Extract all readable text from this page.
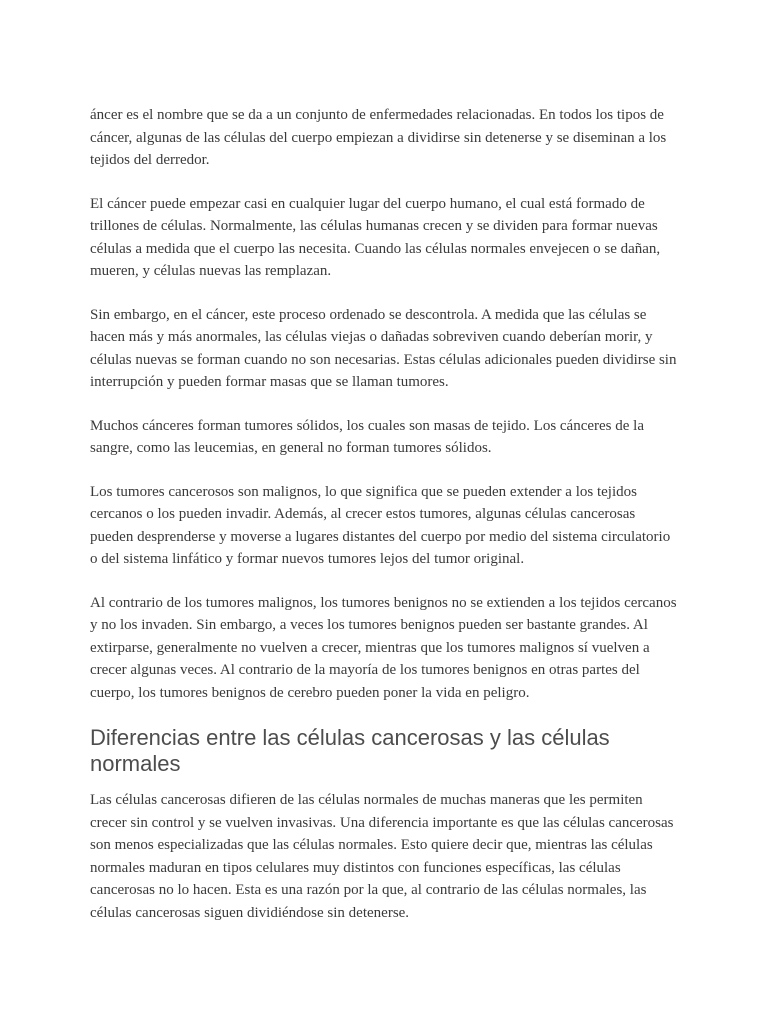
áncer es el nombre que se da a un conjunto de enfermedades relacionadas. En todos los tipos de cáncer, algunas de las células del cuerpo empiezan a dividirse sin detenerse y se diseminan a los tejidos del derredor.

El cáncer puede empezar casi en cualquier lugar del cuerpo humano, el cual está formado de trillones de células. Normalmente, las células humanas crecen y se dividen para formar nuevas células a medida que el cuerpo las necesita. Cuando las células normales envejecen o se dañan, mueren, y células nuevas las remplazan.

Sin embargo, en el cáncer, este proceso ordenado se descontrola. A medida que las células se hacen más y más anormales, las células viejas o dañadas sobreviven cuando deberían morir, y células nuevas se forman cuando no son necesarias. Estas células adicionales pueden dividirse sin interrupción y pueden formar masas que se llaman tumores.

Muchos cánceres forman tumores sólidos, los cuales son masas de tejido. Los cánceres de la sangre, como las leucemias, en general no forman tumores sólidos.

Los tumores cancerosos son malignos, lo que significa que se pueden extender a los tejidos cercanos o los pueden invadir. Además, al crecer estos tumores, algunas células cancerosas pueden desprenderse y moverse a lugares distantes del cuerpo por medio del sistema circulatorio o del sistema linfático y formar nuevos tumores lejos del tumor original.

Al contrario de los tumores malignos, los tumores benignos no se extienden a los tejidos cercanos y no los invaden. Sin embargo, a veces los tumores benignos pueden ser bastante grandes. Al extirparse, generalmente no vuelven a crecer, mientras que los tumores malignos sí vuelven a crecer algunas veces. Al contrario de la mayoría de los tumores benignos en otras partes del cuerpo, los tumores benignos de cerebro pueden poner la vida en peligro.

Diferencias entre las células cancerosas y las células normales

Las células cancerosas difieren de las células normales de muchas maneras que les permiten crecer sin control y se vuelven invasivas. Una diferencia importante es que las células cancerosas son menos especializadas que las células normales. Esto quiere decir que, mientras las células normales maduran en tipos celulares muy distintos con funciones específicas, las células cancerosas no lo hacen. Esta es una razón por la que, al contrario de las células normales, las células cancerosas siguen dividiéndose sin detenerse.
